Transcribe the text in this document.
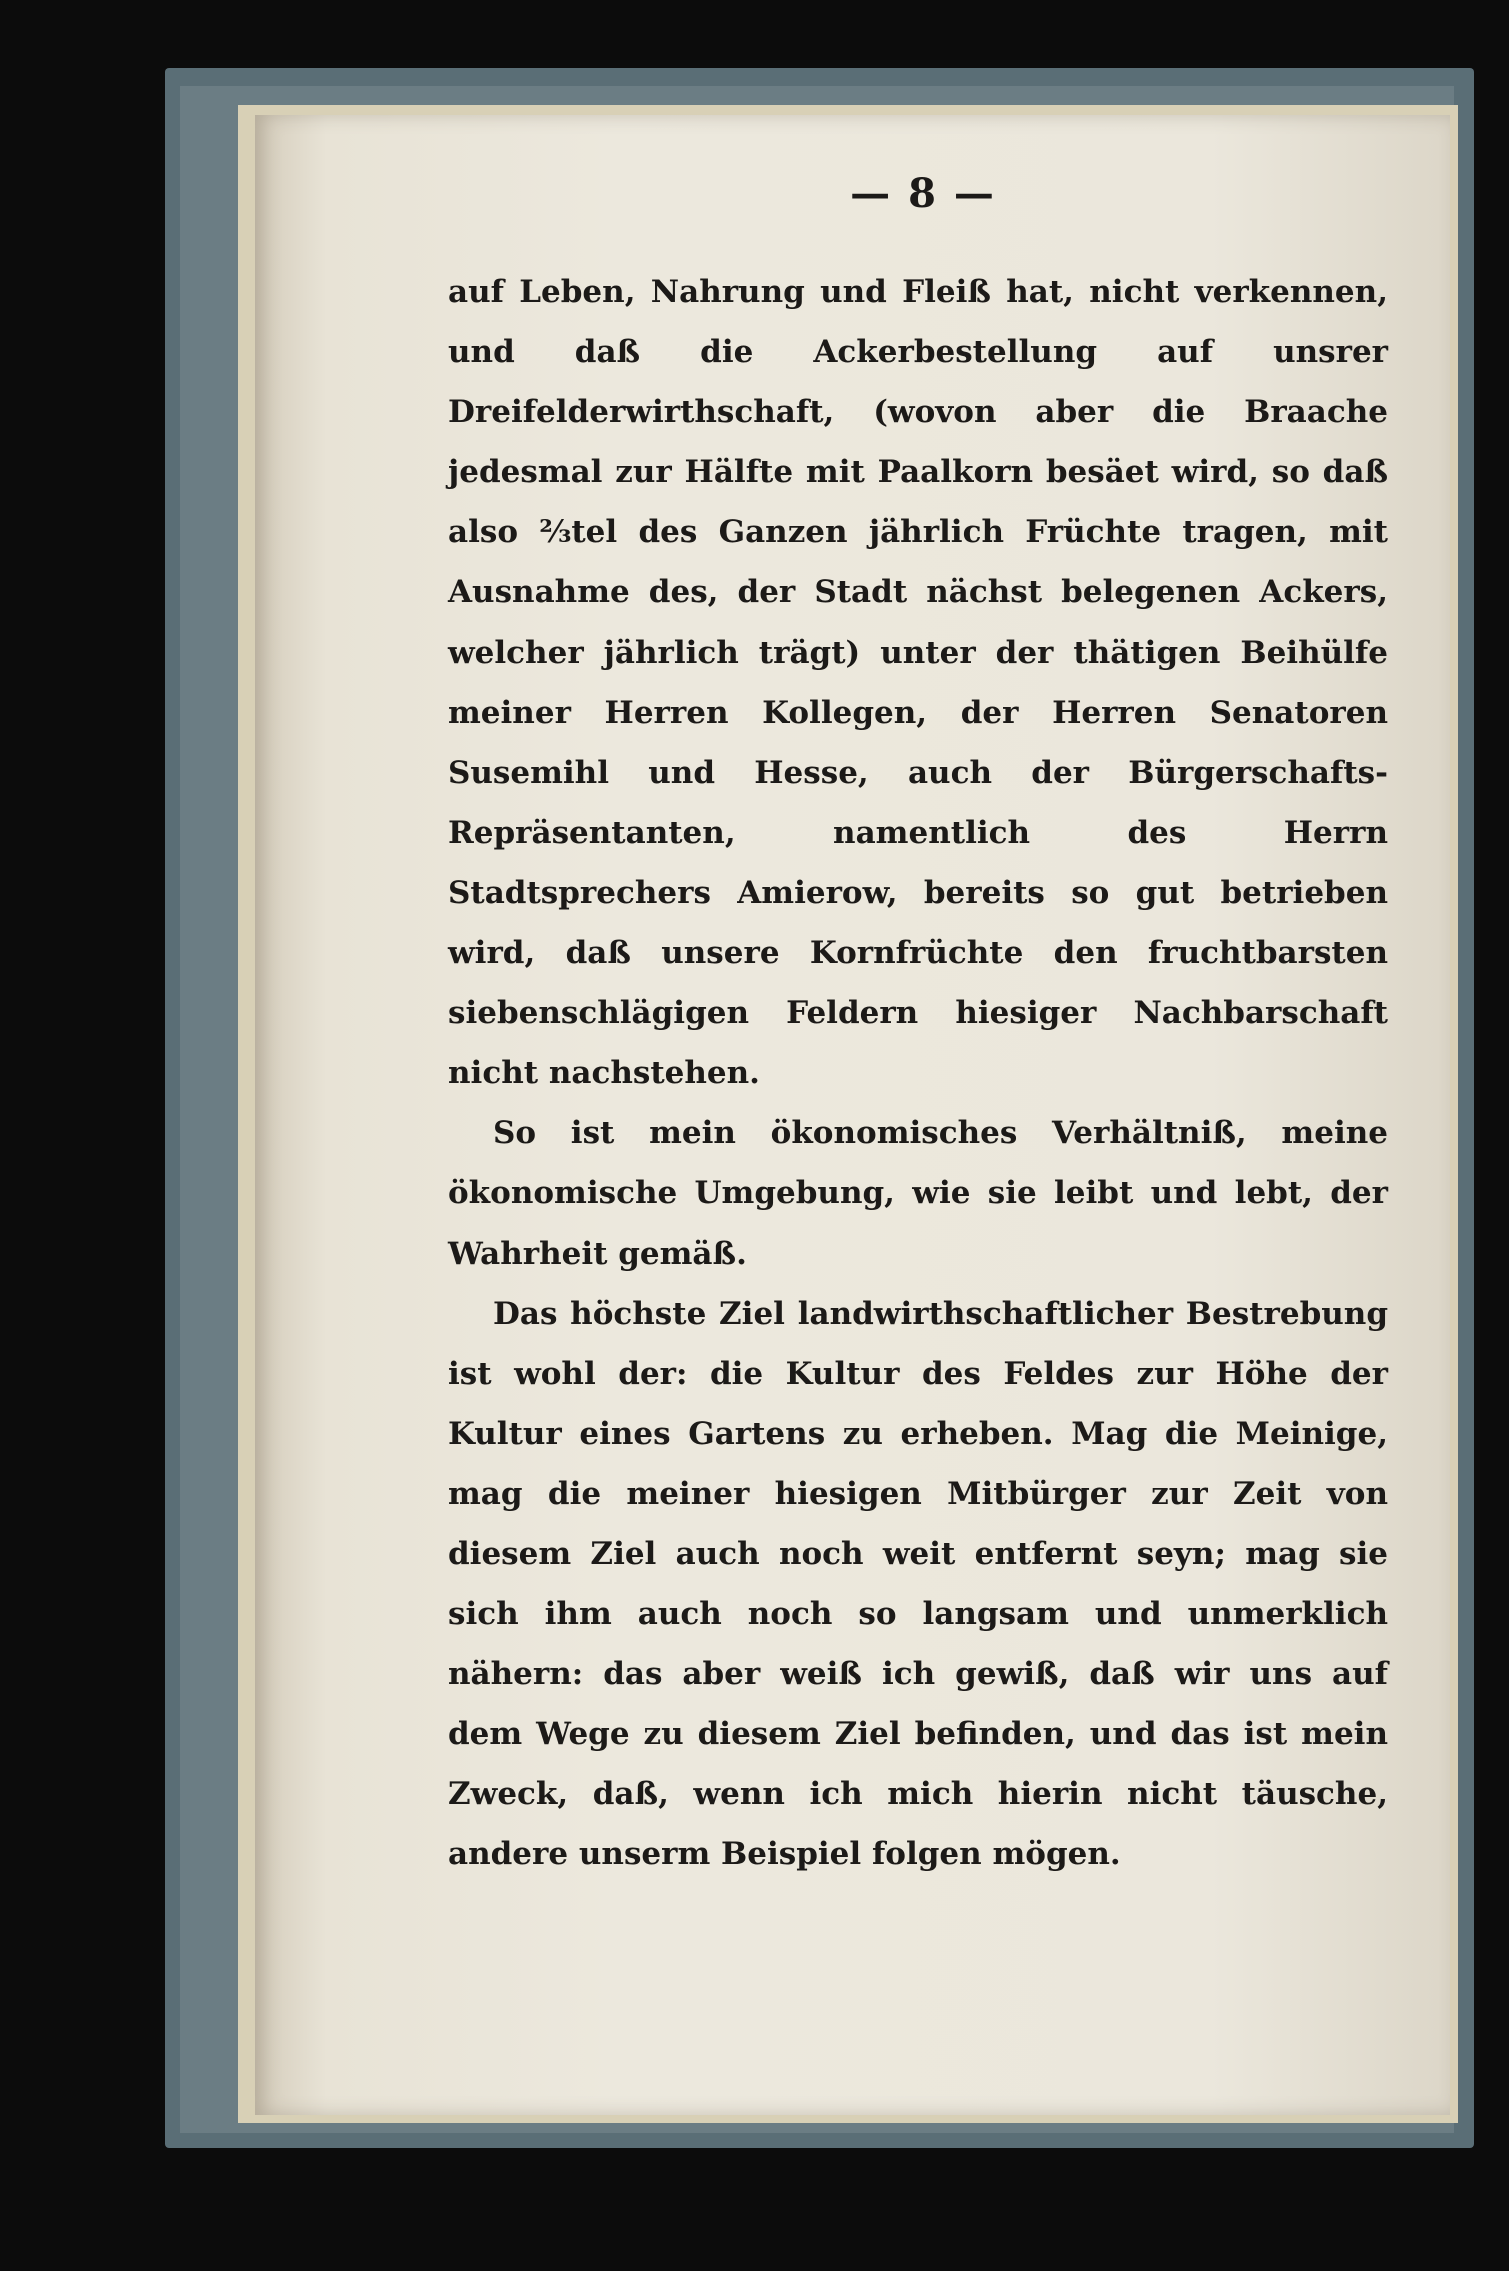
— 8 —

auf Leben, Nahrung und Fleiß hat, nicht verkennen, und daß die Ackerbestellung auf unsrer Dreifelderwirthschaft, (wovon aber die Braache jedesmal zur Hälfte mit Paalkorn besäet wird, so daß also ⅔tel des Ganzen jährlich Früchte tragen, mit Ausnahme des, der Stadt nächst belegenen Ackers, welcher jährlich trägt) unter der thätigen Beihülfe meiner Herren Kollegen, der Herren Senatoren Susemihl und Hesse, auch der Bürgerschafts-Repräsentanten, namentlich des Herrn Stadtsprechers Amierow, bereits so gut betrieben wird, daß unsere Kornfrüchte den fruchtbarsten siebenschlägigen Feldern hiesiger Nachbarschaft nicht nachstehen.

So ist mein ökonomisches Verhältniß, meine ökonomische Umgebung, wie sie leibt und lebt, der Wahrheit gemäß.

Das höchste Ziel landwirthschaftlicher Bestrebung ist wohl der: die Kultur des Feldes zur Höhe der Kultur eines Gartens zu erheben. Mag die Meinige, mag die meiner hiesigen Mitbürger zur Zeit von diesem Ziel auch noch weit entfernt seyn; mag sie sich ihm auch noch so langsam und unmerklich nähern: das aber weiß ich gewiß, daß wir uns auf dem Wege zu diesem Ziel befinden, und das ist mein Zweck, daß, wenn ich mich hierin nicht täusche, andere unserm Beispiel folgen mögen.
